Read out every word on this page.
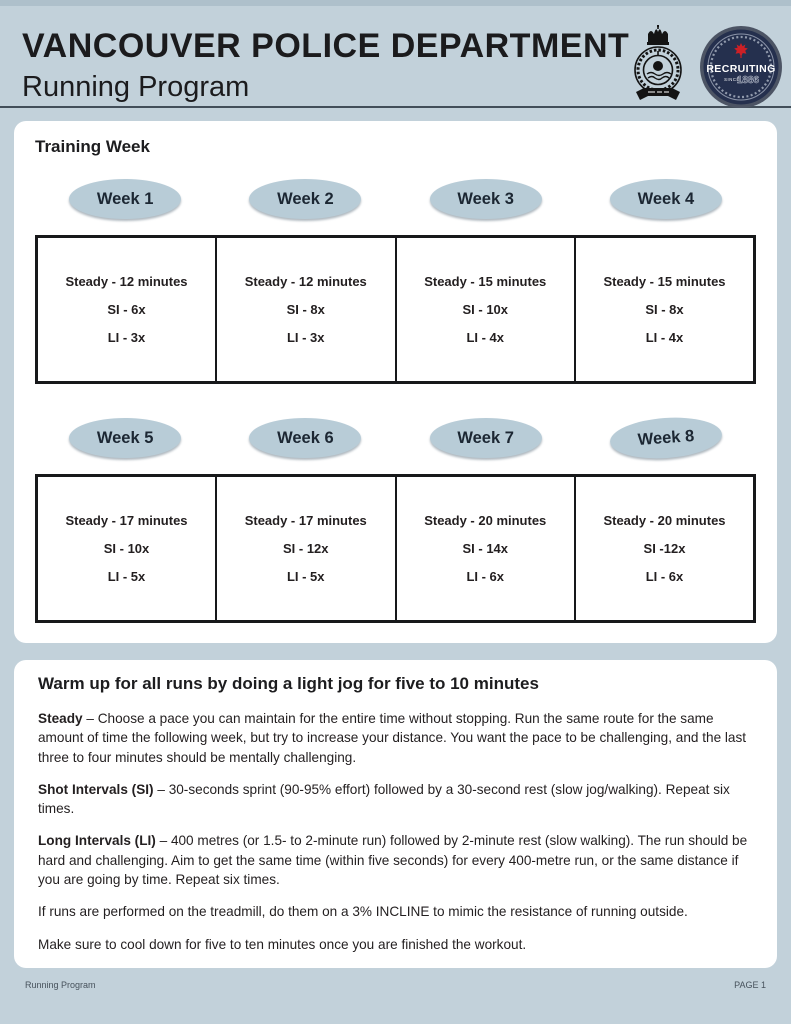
VANCOUVER POLICE DEPARTMENT
Running Program
RECRUITING
SINCE
1886
Training Week
Week 1	Week 2	Week 3	Week 4
Steady - 12 minutes
SI - 6x
LI - 3x

Steady - 12 minutes
SI - 8x
LI - 3x

Steady - 15 minutes
SI - 10x
LI - 4x

Steady - 15 minutes
SI - 8x
LI - 4x
Week 5	Week 6	Week 7	Week 8
Steady - 17 minutes
SI - 10x
LI - 5x

Steady - 17 minutes
SI - 12x
LI - 5x

Steady - 20 minutes
SI - 14x
LI - 6x

Steady - 20 minutes
SI -12x
LI - 6x
Warm up for all runs by doing a light jog for five to 10 minutes

Steady – Choose a pace you can maintain for the entire time without stopping. Run the same route for the same amount of time the following week, but try to increase your distance. You want the pace to be challenging, and the last three to four minutes should be mentally challenging.

Shot Intervals (SI) – 30-seconds sprint (90-95% effort) followed by a 30-second rest (slow jog/walking). Repeat six times.

Long Intervals (LI) – 400 metres (or 1.5- to 2-minute run) followed by 2-minute rest (slow walking). The run should be hard and challenging. Aim to get the same time (within five seconds) for every 400-metre run, or the same distance if you are going by time. Repeat six times.

If runs are performed on the treadmill, do them on a 3% INCLINE to mimic the resistance of running outside.

Make sure to cool down for five to ten minutes once you are finished the workout.

Running Program	PAGE 1
